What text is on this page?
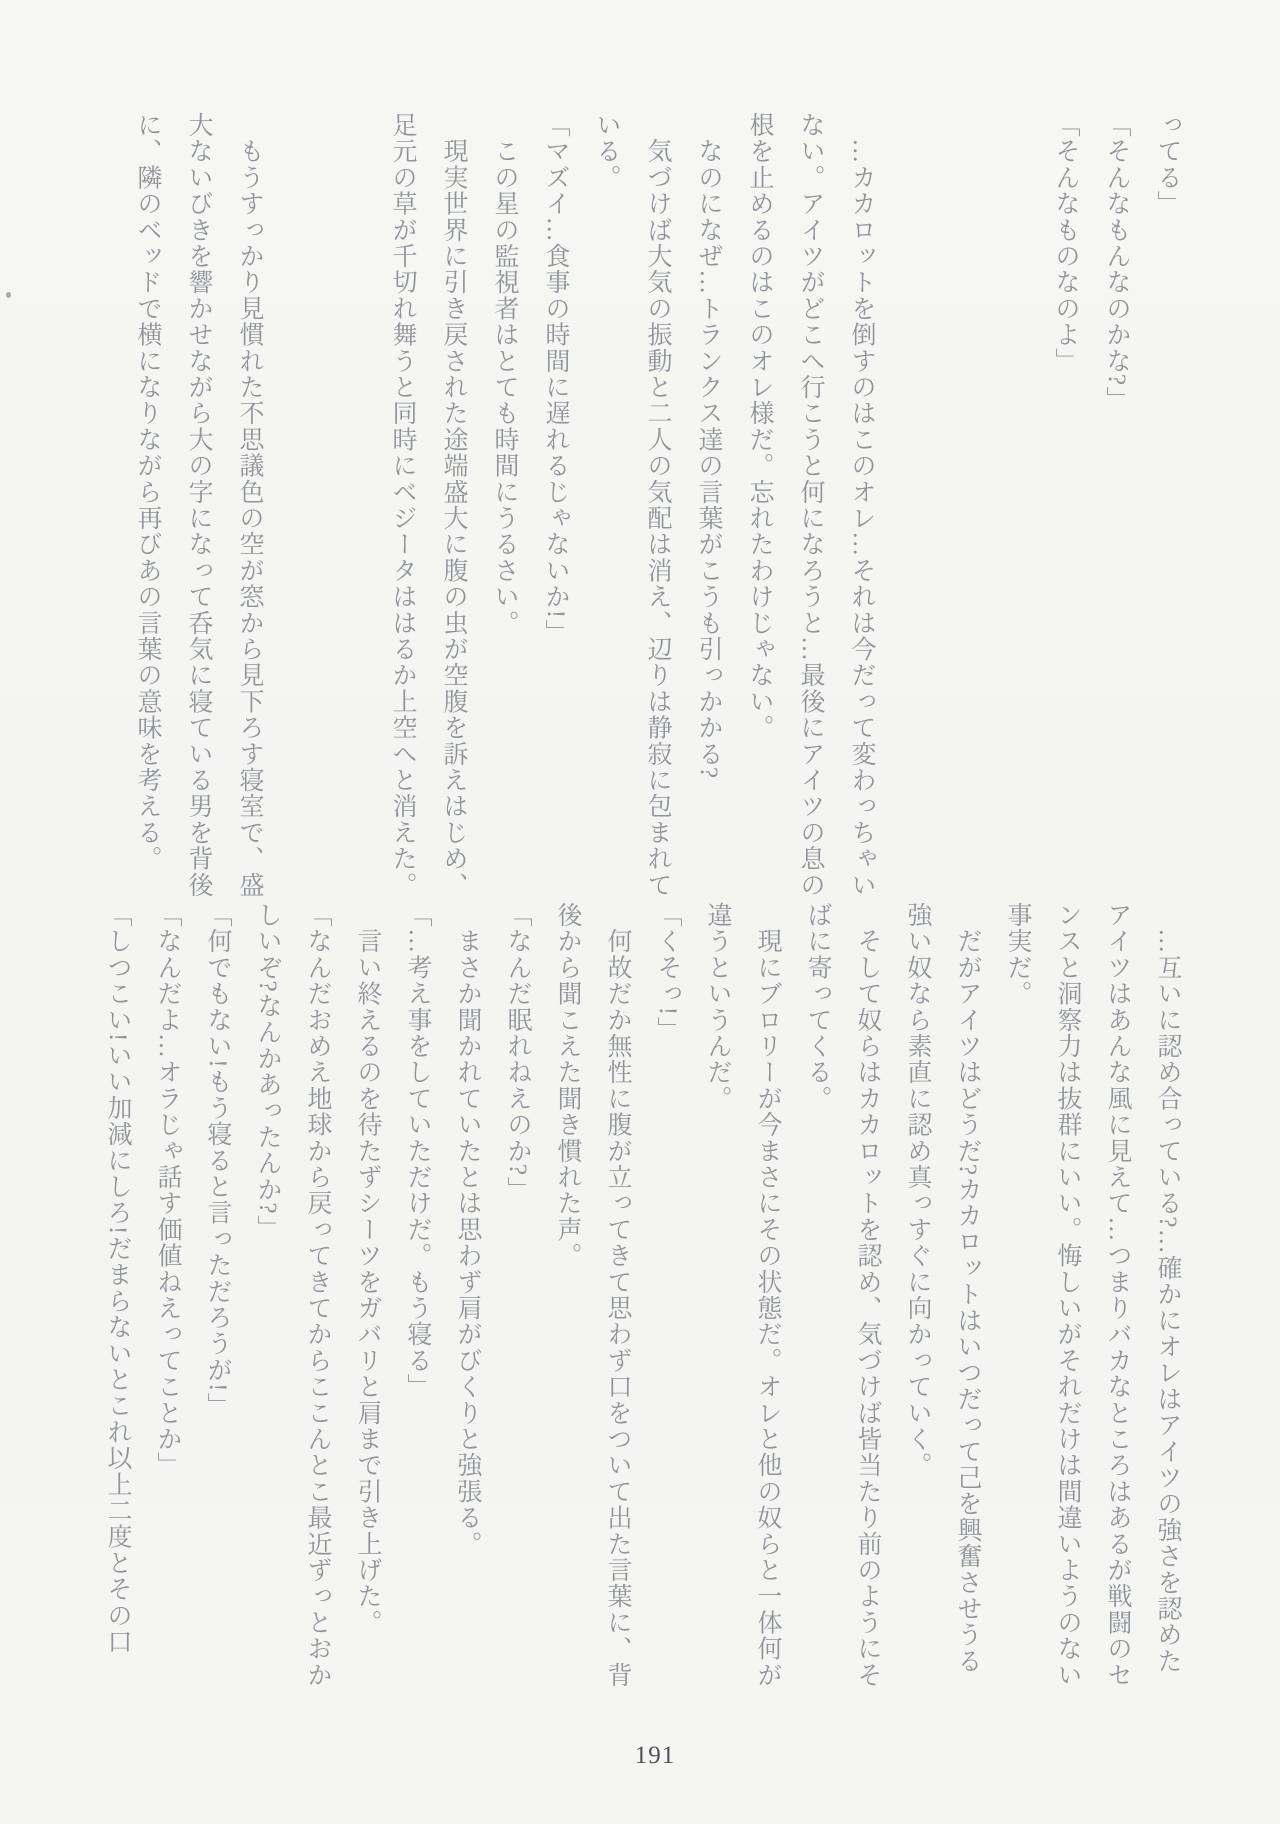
ってる」

「そんなもんなのかな?」

「そんなものなのよ」

　…カカロットを倒すのはこのオレ…それは今だって変わっちゃい

ない。アイツがどこへ行こうと何になろうと…最後にアイツの息の

根を止めるのはこのオレ様だ。忘れたわけじゃない。

　なのになぜ…トランクス達の言葉がこうも引っかかる?

　気づけば大気の振動と二人の気配は消え、辺りは静寂に包まれて

いる。

「マズイ…食事の時間に遅れるじゃないか!」

　この星の監視者はとても時間にうるさい。

　現実世界に引き戻された途端盛大に腹の虫が空腹を訴えはじめ、

足元の草が千切れ舞うと同時にベジータははるか上空へと消えた。

　もうすっかり見慣れた不思議色の空が窓から見下ろす寝室で、盛

大ないびきを響かせながら大の字になって呑気に寝ている男を背後

に、隣のベッドで横になりながら再びあの言葉の意味を考える。

　…互いに認め合っている?…確かにオレはアイツの強さを認めた

アイツはあんな風に見えて…つまりバカなところはあるが戦闘のセ

ンスと洞察力は抜群にいい。悔しいがそれだけは間違いようのない

事実だ。

　だがアイツはどうだ?カカロットはいつだって己を興奮させうる

強い奴なら素直に認め真っすぐに向かっていく。

　そして奴らはカカロットを認め、気づけば皆当たり前のようにそ

ばに寄ってくる。

　現にブロリーが今まさにその状態だ。オレと他の奴らと一体何が

違うというんだ。

「くそっ!」

　何故だか無性に腹が立ってきて思わず口をついて出た言葉に、背

後から聞こえた聞き慣れた声。

「なんだ眠れねえのか?」

　まさか聞かれていたとは思わず肩がびくりと強張る。

「…考え事をしていただけだ。もう寝る」

　言い終えるのを待たずシーツをガバリと肩まで引き上げた。

「なんだおめえ地球から戻ってきてからここんとこ最近ずっとおか

しいぞ?なんかあったんか?」

「何でもない!もう寝ると言っただろうが!」

「なんだよ…オラじゃ話す価値ねえってことか」

「しつこい!いい加減にしろ!だまらないとこれ以上二度とその口

191
